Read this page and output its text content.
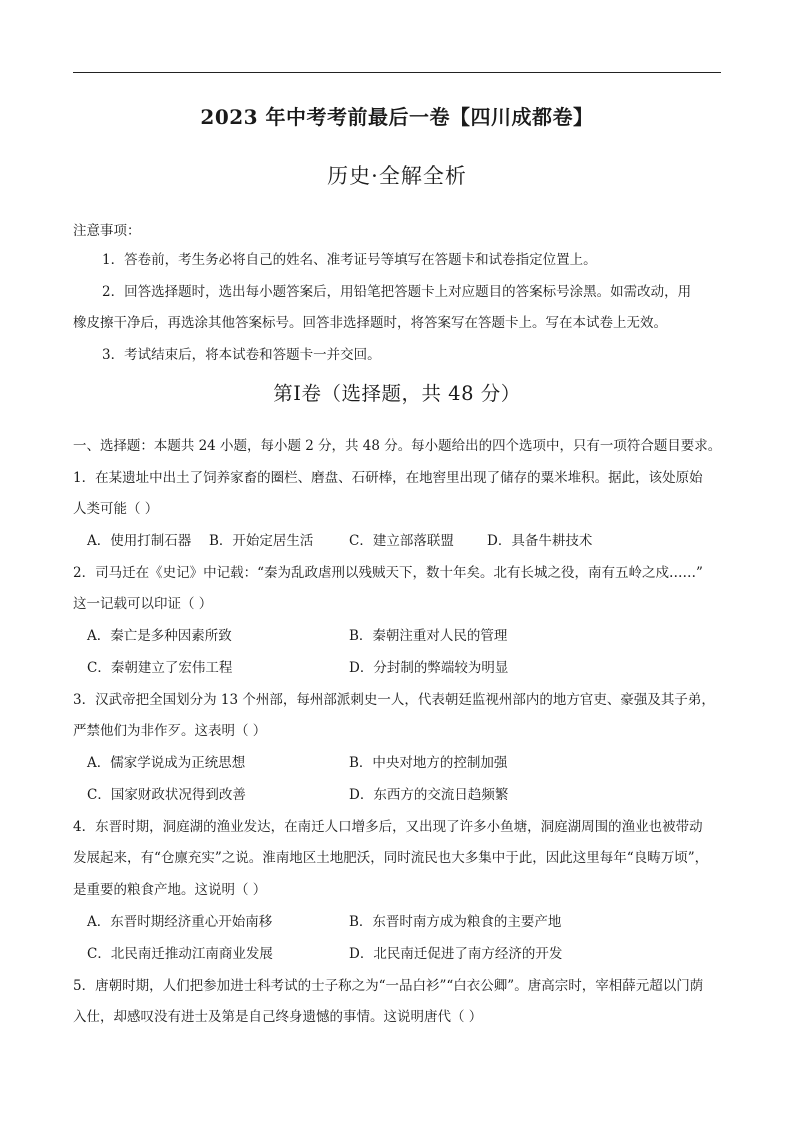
2023 年中考考前最后一卷【四川成都卷】
历史·全解全析
注意事项：
1．答卷前，考生务必将自己的姓名、准考证号等填写在答题卡和试卷指定位置上。
2．回答选择题时，选出每小题答案后，用铅笔把答题卡上对应题目的答案标号涂黑。如需改动，用
橡皮擦干净后，再选涂其他答案标号。回答非选择题时，将答案写在答题卡上。写在本试卷上无效。
3．考试结束后，将本试卷和答题卡一并交回。
第Ⅰ卷（选择题，共 48 分）
一、选择题：本题共 24 小题，每小题 2 分，共 48 分。每小题给出的四个选项中，只有一项符合题目要求。
1．在某遗址中出土了饲养家畜的圈栏、磨盘、石研棒，在地窖里出现了储存的粟米堆积。据此，该处原始
人类可能（ ）
A．使用打制石器 B．开始定居生活	C．建立部落联盟 D．具备牛耕技术
2．司马迁在《史记》中记载：“秦为乱政虐刑以残贼天下，数十年矣。北有长城之役，南有五岭之戍……”
这一记载可以印证（ ）
A．秦亡是多种因素所致	B．秦朝注重对人民的管理
C．秦朝建立了宏伟工程	D．分封制的弊端较为明显
3．汉武帝把全国划分为 13 个州部，每州部派刺史一人，代表朝廷监视州部内的地方官吏、豪强及其子弟，
严禁他们为非作歹。这表明（ ）
A．儒家学说成为正统思想	B．中央对地方的控制加强
C．国家财政状况得到改善	D．东西方的交流日趋频繁
4．东晋时期，洞庭湖的渔业发达，在南迁人口增多后，又出现了许多小鱼塘，洞庭湖周围的渔业也被带动
发展起来，有“仓廪充实”之说。淮南地区土地肥沃，同时流民也大多集中于此，因此这里每年“良畴万顷”，
是重要的粮食产地。这说明（ ）
A．东晋时期经济重心开始南移	B．东晋时南方成为粮食的主要产地
C．北民南迁推动江南商业发展	D．北民南迁促进了南方经济的开发
5．唐朝时期，人们把参加进士科考试的士子称之为“一品白衫”“白衣公卿”。唐高宗时，宰相薛元超以门荫
入仕，却感叹没有进士及第是自己终身遗憾的事情。这说明唐代（ ）
